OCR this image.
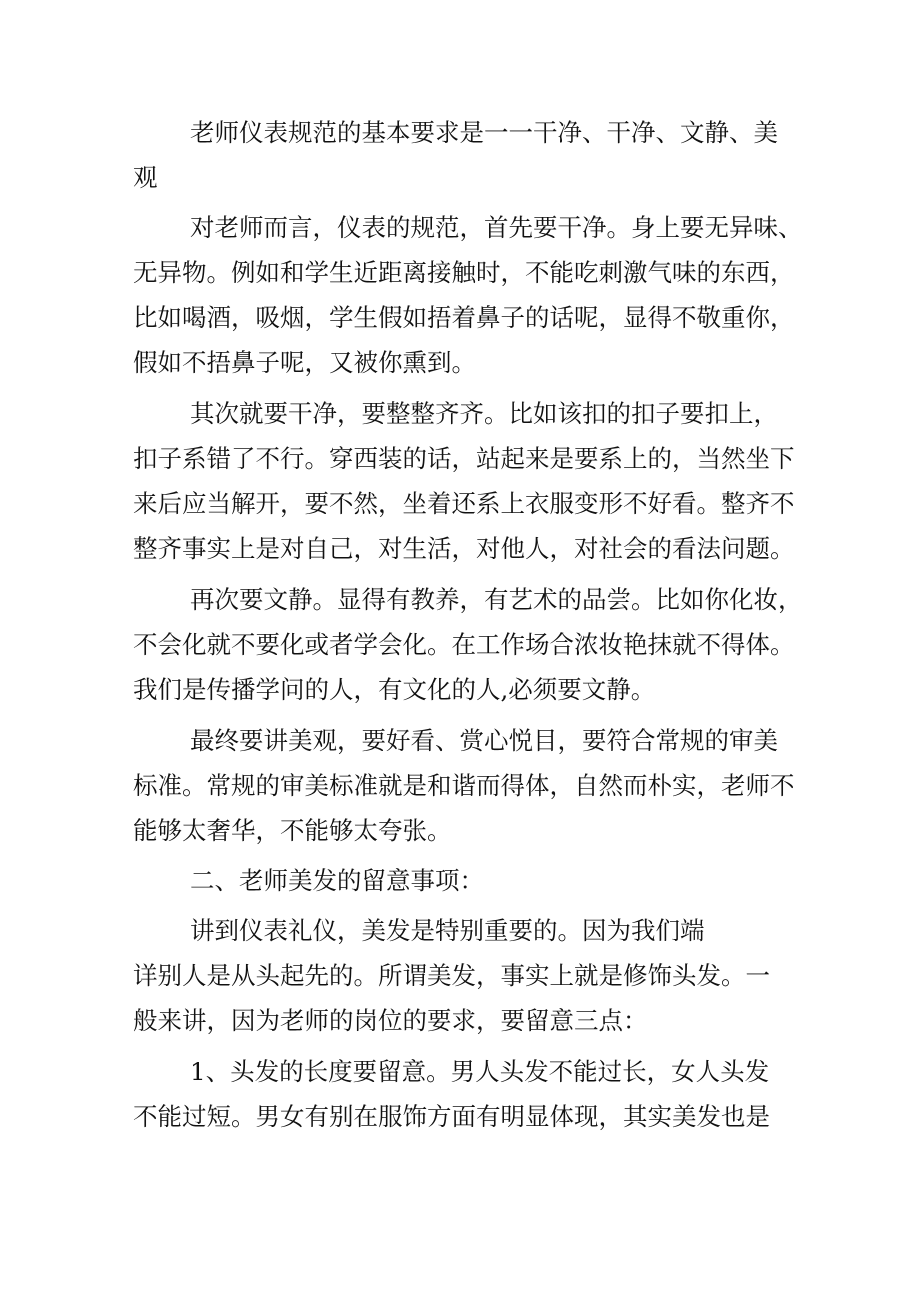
老师仪表规范的基本要求是一一干净、干净、文静、美

观

对老师而言，仪表的规范，首先要干净。身上要无异味、

无异物。例如和学生近距离接触时，不能吃刺激气味的东西，

比如喝酒，吸烟，学生假如捂着鼻子的话呢，显得不敬重你，

假如不捂鼻子呢，又被你熏到。

其次就要干净，要整整齐齐。比如该扣的扣子要扣上，

扣子系错了不行。穿西装的话，站起来是要系上的，当然坐下

来后应当解开，要不然，坐着还系上衣服变形不好看。整齐不

整齐事实上是对自己，对生活，对他人，对社会的看法问题。

再次要文静。显得有教养，有艺术的品尝。比如你化妆，

不会化就不要化或者学会化。在工作场合浓妆艳抹就不得体。

我们是传播学问的人，有文化的人,必须要文静。

最终要讲美观，要好看、赏心悦目，要符合常规的审美

标准。常规的审美标准就是和谐而得体，自然而朴实，老师不

能够太奢华，不能够太夸张。

二、老师美发的留意事项：

讲到仪表礼仪，美发是特别重要的。因为我们端

详别人是从头起先的。所谓美发，事实上就是修饰头发。一

般来讲，因为老师的岗位的要求，要留意三点：

1、头发的长度要留意。男人头发不能过长，女人头发

不能过短。男女有别在服饰方面有明显体现，其实美发也是
